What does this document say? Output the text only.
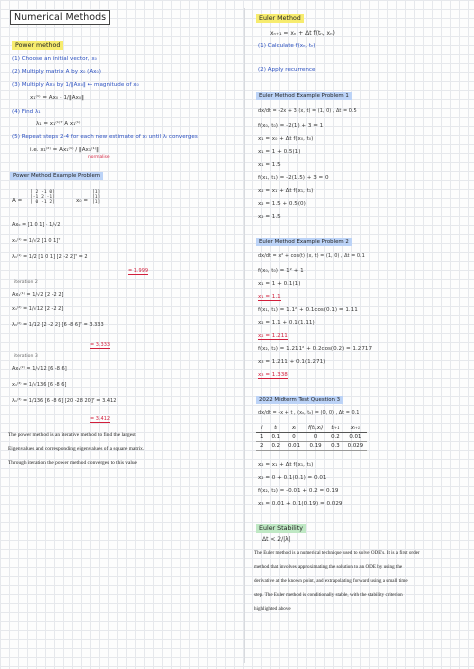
Numerical Methods
Power method
(1) Choose an initial vector, x₀
(2) Multiply matrix A by x₀ (Ax₀)
(3) Multiply Ax₀ by 1/‖Ax₀‖ ← magnitude of x₀
x₁⁽¹⁾ = Ax₀ · 1/‖Ax₀‖
(4) Find λ₁
λ₁ = x₁⁽¹⁾ᵀ A x₁⁽¹⁾
(5) Repeat steps 2-4 for each new estimate of xᵢ until λᵢ converges
i.e. x₁⁽²⁾ = Ax₁⁽¹⁾ / ‖Ax₁⁽¹⁾‖
normalise
Power Method Example Problem
A =
[ 2 -1 0]
[-1 2 -1]
[ 0 -1 2]	x₀ =
[1]
[1]
[1]
Ax₀ = [1 0 1] · 1/√2
x₁⁽¹⁾ = 1/√2 [1 0 1]ᵀ
λ₁⁽¹⁾ = 1/2 [1 0 1] [2 -2 2]ᵀ = 2
= 1.999
iteration 2
Ax₁⁽¹⁾ = 1/√2 [2 -2 2]
x₁⁽²⁾ = 1/√12 [2 -2 2]
λ₁⁽²⁾ = 1/12 [2 -2 2] [6 -8 6]ᵀ = 3.333
= 3.333
iteration 3
Ax₁⁽²⁾ = 1/√12 [6 -8 6]
x₁⁽³⁾ = 1/√136 [6 -8 6]
λ₁⁽³⁾ = 1/136 [6 -8 6] [20 -28 20]ᵀ = 3.412
= 3.412
The power method is an iterative method to find the largest
Eigenvalues and corresponding eigenvalues of a square matrix.
Through iteration the power method converges to this value
Euler Method
xₙ₊₁ = xₙ + Δt f(tₙ, xₙ)
(1) Calculate f(xₙ, tₙ)
(2) Apply recurrence
Euler Method Example Problem 1
dx/dt = -2x + 3 (x, t) = (1, 0) , Δt = 0.5
f(x₀, t₀) = -2(1) + 3 = 1
x₁ = x₀ + Δt f(x₀, t₀)
x₁ = 1 + 0.5(1)
x₁ = 1.5
f(x₁, t₁) = -2(1.5) + 3 = 0
x₂ = x₁ + Δt f(x₁, t₁)
x₂ = 1.5 + 0.5(0)
x₂ = 1.5
Euler Method Example Problem 2
dx/dt = x² + cos(t) (x, t) = (1, 0) , Δt = 0.1
f(x₀, t₀) = 1² + 1
x₁ = 1 + 0.1(1)
x₁ = 1.1
f(x₁, t₁) = 1.1² + 0.1cos(0.1) = 1.11
x₂ = 1.1 + 0.1(1.11)
x₂ = 1.211
f(x₂, t₂) = 1.211² + 0.2cos(0.2) = 1.2717
x₃ = 1.211 + 0.1(1.271)
x₃ = 1.338
2022 Midterm Test Question 3
dx/dt = -x + t , (x₀, t₀) = (0, 0) , Δt = 0.1
i	tᵢ	xᵢ	f(tᵢ,xᵢ)	tᵢ₊₁	xᵢ₊₁
1	0.1	0	0	0.2	0.01
2	0.2	0.01	0.19	0.3	0.029
x₂ = x₁ + Δt f(x₁, t₁)
x₂ = 0 + 0.1(0.1) = 0.01
f(x₂, t₂) = -0.01 + 0.2 = 0.19
x₃ = 0.01 + 0.1(0.19) = 0.029
Euler Stability
Δt < 2/|λ|
The Euler method is a numerical technique used to solve ODE's. It is a first order
method that involves approximating the solution to an ODE by using the
derivative at the known point, and extrapolating forward using a small time
step. The Euler method is conditionally stable, with the stability criterion
highlighted above
